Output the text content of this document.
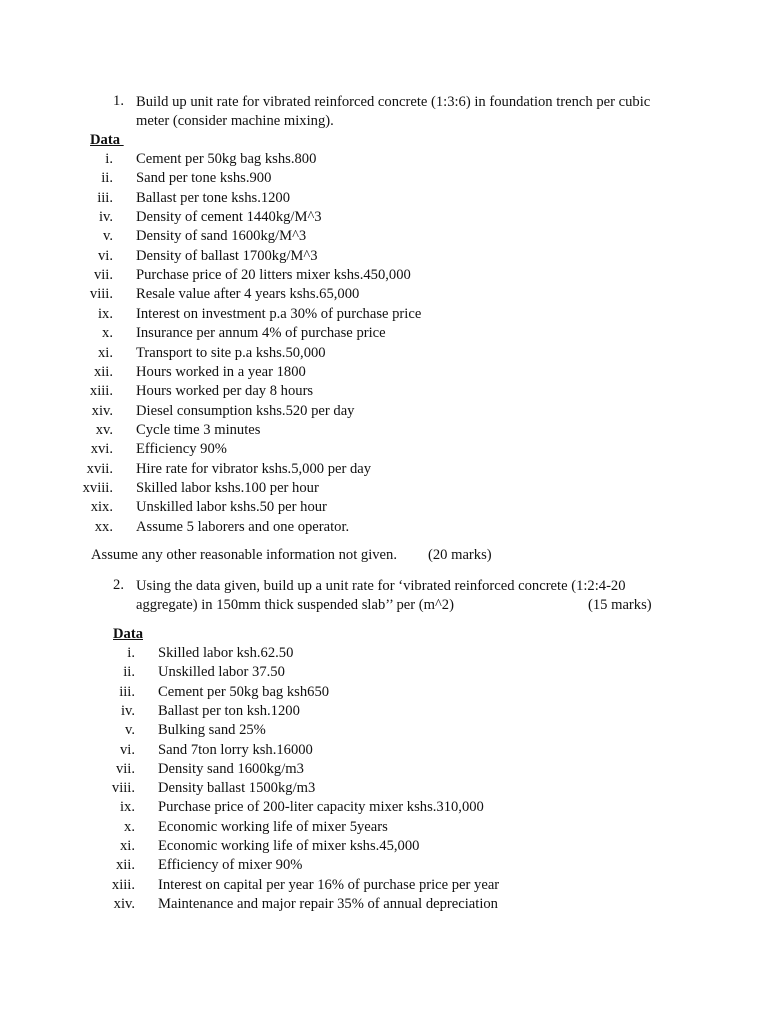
1. Build up unit rate for vibrated reinforced concrete (1:3:6) in foundation trench per cubic meter (consider machine mixing).
Data
i. Cement per 50kg bag kshs.800
ii. Sand per tone kshs.900
iii. Ballast per tone kshs.1200
iv. Density of cement 1440kg/M^3
v. Density of sand 1600kg/M^3
vi. Density of ballast 1700kg/M^3
vii. Purchase price of 20 litters mixer kshs.450,000
viii. Resale value after 4 years kshs.65,000
ix. Interest on investment p.a 30% of purchase price
x. Insurance per annum 4% of purchase price
xi. Transport to site p.a kshs.50,000
xii. Hours worked in a year 1800
xiii. Hours worked per day 8 hours
xiv. Diesel consumption kshs.520 per day
xv. Cycle time 3 minutes
xvi. Efficiency 90%
xvii. Hire rate for vibrator kshs.5,000 per day
xviii. Skilled labor kshs.100 per hour
xix. Unskilled labor kshs.50 per hour
xx. Assume 5 laborers and one operator.
Assume any other reasonable information not given. (20 marks)
2. Using the data given, build up a unit rate for ‘vibrated reinforced concrete (1:2:4-20
aggregate) in 150mm thick suspended slab’’ per (m^2)	(15 marks)
Data
i. Skilled labor ksh.62.50
ii. Unskilled labor 37.50
iii. Cement per 50kg bag ksh650
iv. Ballast per ton ksh.1200
v. Bulking sand 25%
vi. Sand 7ton lorry ksh.16000
vii. Density sand 1600kg/m3
viii. Density ballast 1500kg/m3
ix. Purchase price of 200-liter capacity mixer kshs.310,000
x. Economic working life of mixer 5years
xi. Economic working life of mixer kshs.45,000
xii. Efficiency of mixer 90%
xiii. Interest on capital per year 16% of purchase price per year
xiv. Maintenance and major repair 35% of annual depreciation
